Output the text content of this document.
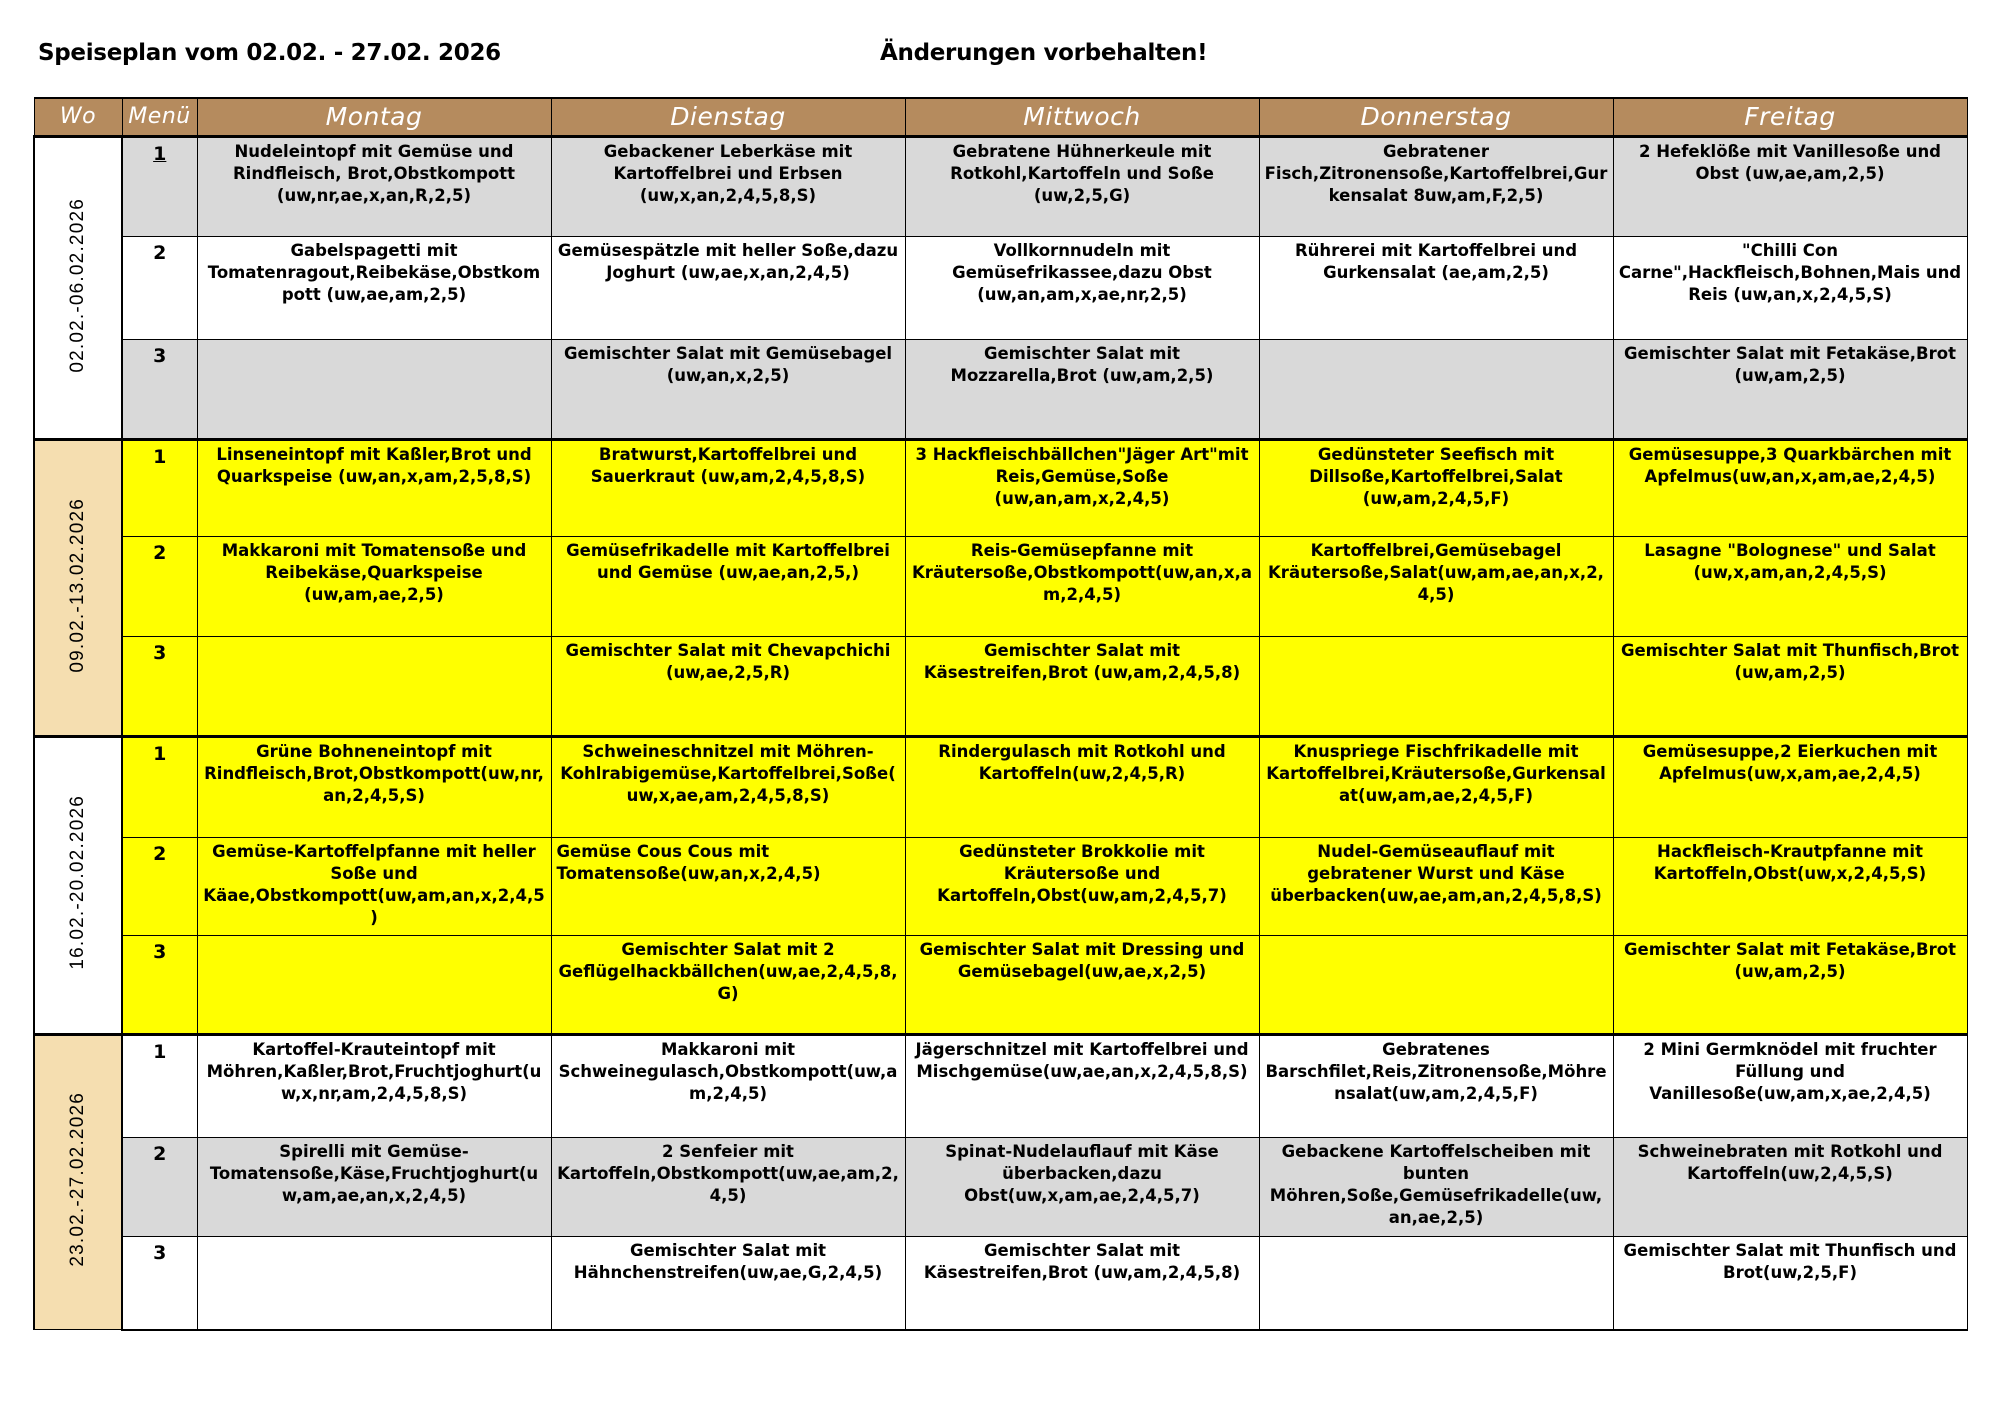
Speiseplan vom 02.02. - 27.02. 2026	Änderungen vorbehalten!
Wo	Menü	Montag	Dienstag	Mittwoch	Donnerstag	Freitag
02.02.-06.02.2026	1	Nudeleintopf mit Gemüse und Rindfleisch, Brot,Obstkompott (uw,nr,ae,x,an,R,2,5)	Gebackener Leberkäse mit Kartoffelbrei und Erbsen (uw,x,an,2,4,5,8,S)	Gebratene Hühnerkeule mit Rotkohl,Kartoffeln und Soße (uw,2,5,G)	Gebratener Fisch,Zitronensoße,Kartoffelbrei,Gurkensalat 8uw,am,F,2,5)	2 Hefeklöße mit Vanillesoße und Obst (uw,ae,am,2,5)
	2	Gabelspagetti mit Tomatenragout,Reibekäse,Obstkompott (uw,ae,am,2,5)	Gemüsespätzle mit heller Soße,dazu Joghurt (uw,ae,x,an,2,4,5)	Vollkornnudeln mit Gemüsefrikassee,dazu Obst (uw,an,am,x,ae,nr,2,5)	Rührerei mit Kartoffelbrei und Gurkensalat (ae,am,2,5)	"Chilli Con Carne",Hackfleisch,Bohnen,Mais und Reis (uw,an,x,2,4,5,S)
	3		Gemischter Salat mit Gemüsebagel (uw,an,x,2,5)	Gemischter Salat mit Mozzarella,Brot (uw,am,2,5)		Gemischter Salat mit Fetakäse,Brot (uw,am,2,5)
09.02.-13.02.2026	1	Linseneintopf mit Kaßler,Brot und Quarkspeise (uw,an,x,am,2,5,8,S)	Bratwurst,Kartoffelbrei und Sauerkraut (uw,am,2,4,5,8,S)	3 Hackfleischbällchen"Jäger Art"mit Reis,Gemüse,Soße (uw,an,am,x,2,4,5)	Gedünsteter Seefisch mit Dillsoße,Kartoffelbrei,Salat (uw,am,2,4,5,F)	Gemüsesuppe,3 Quarkbärchen mit Apfelmus(uw,an,x,am,ae,2,4,5)
	2	Makkaroni mit Tomatensoße und Reibekäse,Quarkspeise (uw,am,ae,2,5)	Gemüsefrikadelle mit Kartoffelbrei und Gemüse (uw,ae,an,2,5,)	Reis-Gemüsepfanne mit Kräutersoße,Obstkompott(uw,an,x,am,2,4,5)	Kartoffelbrei,Gemüsebagel Kräutersoße,Salat(uw,am,ae,an,x,2,4,5)	Lasagne "Bolognese" und Salat (uw,x,am,an,2,4,5,S)
	3		Gemischter Salat mit Chevapchichi (uw,ae,2,5,R)	Gemischter Salat mit Käsestreifen,Brot (uw,am,2,4,5,8)		Gemischter Salat mit Thunfisch,Brot (uw,am,2,5)
16.02.-20.02.2026	1	Grüne Bohneneintopf mit Rindfleisch,Brot,Obstkompott(uw,nr,an,2,4,5,S)	Schweineschnitzel mit Möhren-Kohlrabigemüse,Kartoffelbrei,Soße(uw,x,ae,am,2,4,5,8,S)	Rindergulasch mit Rotkohl und Kartoffeln(uw,2,4,5,R)	Knuspriege Fischfrikadelle mit Kartoffelbrei,Kräutersoße,Gurkensalat(uw,am,ae,2,4,5,F)	Gemüsesuppe,2 Eierkuchen mit Apfelmus(uw,x,am,ae,2,4,5)
	2	Gemüse-Kartoffelpfanne mit heller Soße und Käae,Obstkompott(uw,am,an,x,2,4,5)	Gemüse Cous Cous mit Tomatensoße(uw,an,x,2,4,5)	Gedünsteter Brokkolie mit Kräutersoße und Kartoffeln,Obst(uw,am,2,4,5,7)	Nudel-Gemüseauflauf mit gebratener Wurst und Käse überbacken(uw,ae,am,an,2,4,5,8,S)	Hackfleisch-Krautpfanne mit Kartoffeln,Obst(uw,x,2,4,5,S)
	3		Gemischter Salat mit 2 Geflügelhackbällchen(uw,ae,2,4,5,8,G)	Gemischter Salat mit Dressing und Gemüsebagel(uw,ae,x,2,5)		Gemischter Salat mit Fetakäse,Brot (uw,am,2,5)
23.02.-27.02.2026	1	Kartoffel-Krauteintopf mit Möhren,Kaßler,Brot,Fruchtjoghurt(uw,x,nr,am,2,4,5,8,S)	Makkaroni mit Schweinegulasch,Obstkompott(uw,am,2,4,5)	Jägerschnitzel mit Kartoffelbrei und Mischgemüse(uw,ae,an,x,2,4,5,8,S)	Gebratenes Barschfilet,Reis,Zitronensoße,Möhrensalat(uw,am,2,4,5,F)	2 Mini Germknödel mit fruchter Füllung und Vanillesoße(uw,am,x,ae,2,4,5)
	2	Spirelli mit Gemüse-Tomatensoße,Käse,Fruchtjoghurt(uw,am,ae,an,x,2,4,5)	2 Senfeier mit Kartoffeln,Obstkompott(uw,ae,am,2,4,5)	Spinat-Nudelauflauf mit Käse überbacken,dazu Obst(uw,x,am,ae,2,4,5,7)	Gebackene Kartoffelscheiben mit bunten Möhren,Soße,Gemüsefrikadelle(uw,an,ae,2,5)	Schweinebraten mit Rotkohl und Kartoffeln(uw,2,4,5,S)
	3		Gemischter Salat mit Hähnchenstreifen(uw,ae,G,2,4,5)	Gemischter Salat mit Käsestreifen,Brot (uw,am,2,4,5,8)		Gemischter Salat mit Thunfisch und Brot(uw,2,5,F)
